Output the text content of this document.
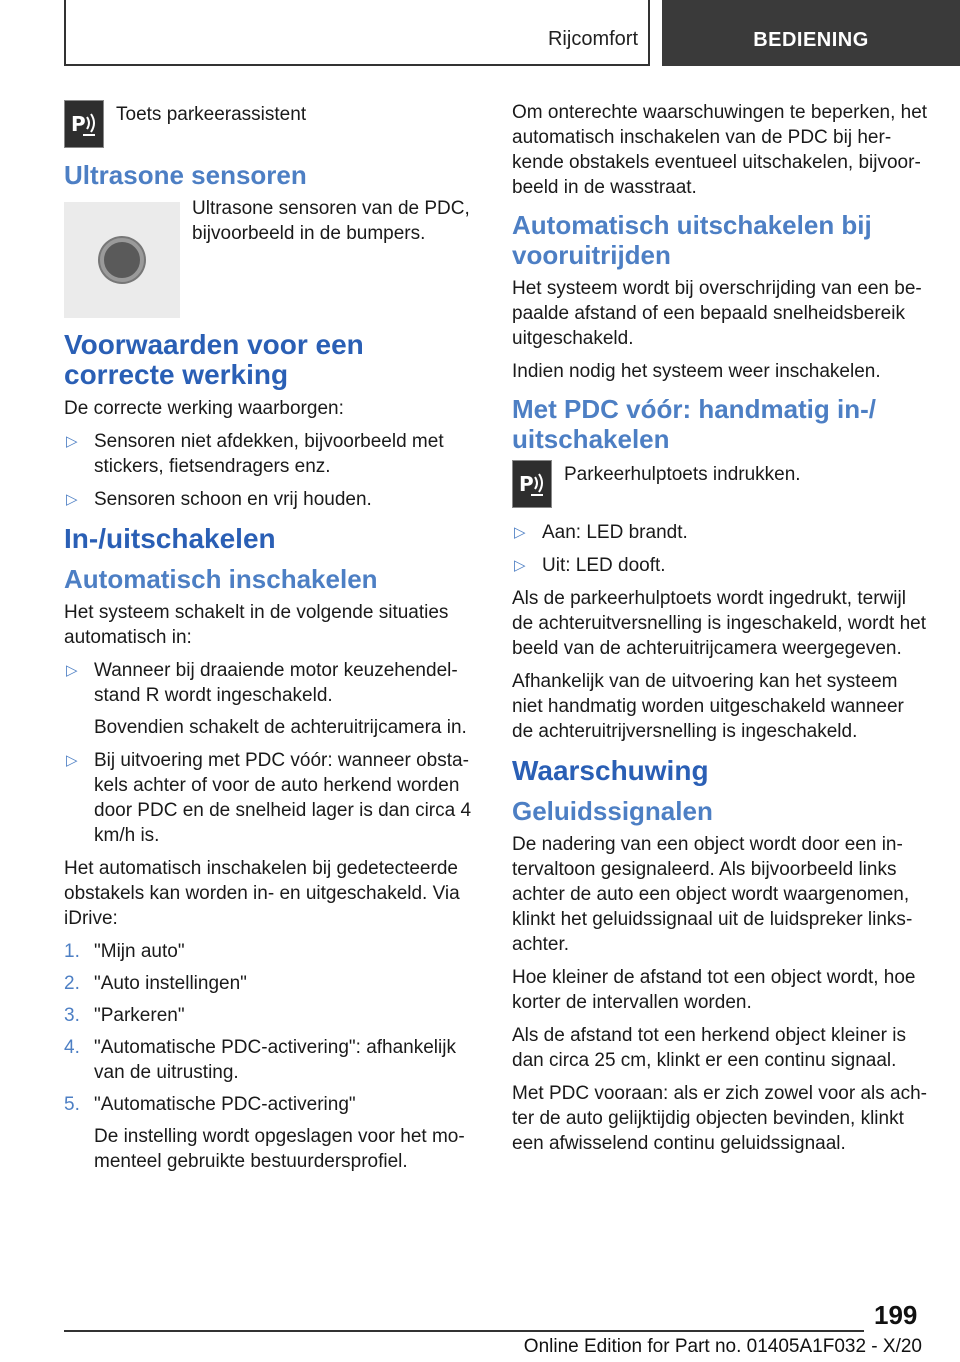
Rijcomfort	BEDIENING
P Toets parkeerassistent

Ultrasone sensoren

Ultrasone sensoren van de PDC, bijvoorbeeld in de bumpers.

Voorwaarden voor een correcte werking

De correcte werking waarborgen:

▷ Sensoren niet afdekken, bijvoorbeeld met stickers, fietsendragers enz.
▷ Sensoren schoon en vrij houden.
In-/uitschakelen
Automatisch inschakelen

Het systeem schakelt in de volgende situaties automatisch in:

▷ Wanneer bij draaiende motor keuzehendelstand R wordt ingeschakeld.
Bovendien schakelt de achteruitrijcamera in.
▷ Bij uitvoering met PDC vóór: wanneer obstakels achter of voor de auto herkend worden door PDC en de snelheid lager is dan circa 4 km/h is.

Het automatisch inschakelen bij gedetecteerde obstakels kan worden in- en uitgeschakeld. Via iDrive:

1. "Mijn auto"
2. "Auto instellingen"
3. "Parkeren"
4. "Automatische PDC-activering": afhankelijk van de uitrusting.
5. "Automatische PDC-activering"
De instelling wordt opgeslagen voor het momenteel gebruikte bestuurdersprofiel.

Om onterechte waarschuwingen te beperken, het automatisch inschakelen van de PDC bij herkende obstakels eventueel uitschakelen, bijvoorbeeld in de wasstraat.

Automatisch uitschakelen bij vooruitrijden

Het systeem wordt bij overschrijding van een bepaalde afstand of een bepaald snelheidsbereik uitgeschakeld.

Indien nodig het systeem weer inschakelen.

Met PDC vóór: handmatig in-/ uitschakelen
P Parkeerhulptoets indrukken.

▷ Aan: LED brandt.
▷ Uit: LED dooft.

Als de parkeerhulptoets wordt ingedrukt, terwijl de achteruitversnelling is ingeschakeld, wordt het beeld van de achteruitrijcamera weergegeven.

Afhankelijk van de uitvoering kan het systeem niet handmatig worden uitgeschakeld wanneer de achteruitrijversnelling is ingeschakeld.

Waarschuwing
Geluidssignalen

De nadering van een object wordt door een intervaltoon gesignaleerd. Als bijvoorbeeld links achter de auto een object wordt waargenomen, klinkt het geluidssignaal uit de luidspreker linksachter.

Hoe kleiner de afstand tot een object wordt, hoe korter de intervallen worden.

Als de afstand tot een herkend object kleiner is dan circa 25 cm, klinkt er een continu signaal.

Met PDC vooraan: als er zich zowel voor als achter de auto gelijktijdig objecten bevinden, klinkt een afwisselend continu geluidssignaal.

199
Online Edition for Part no. 01405A1F032 - X/20
